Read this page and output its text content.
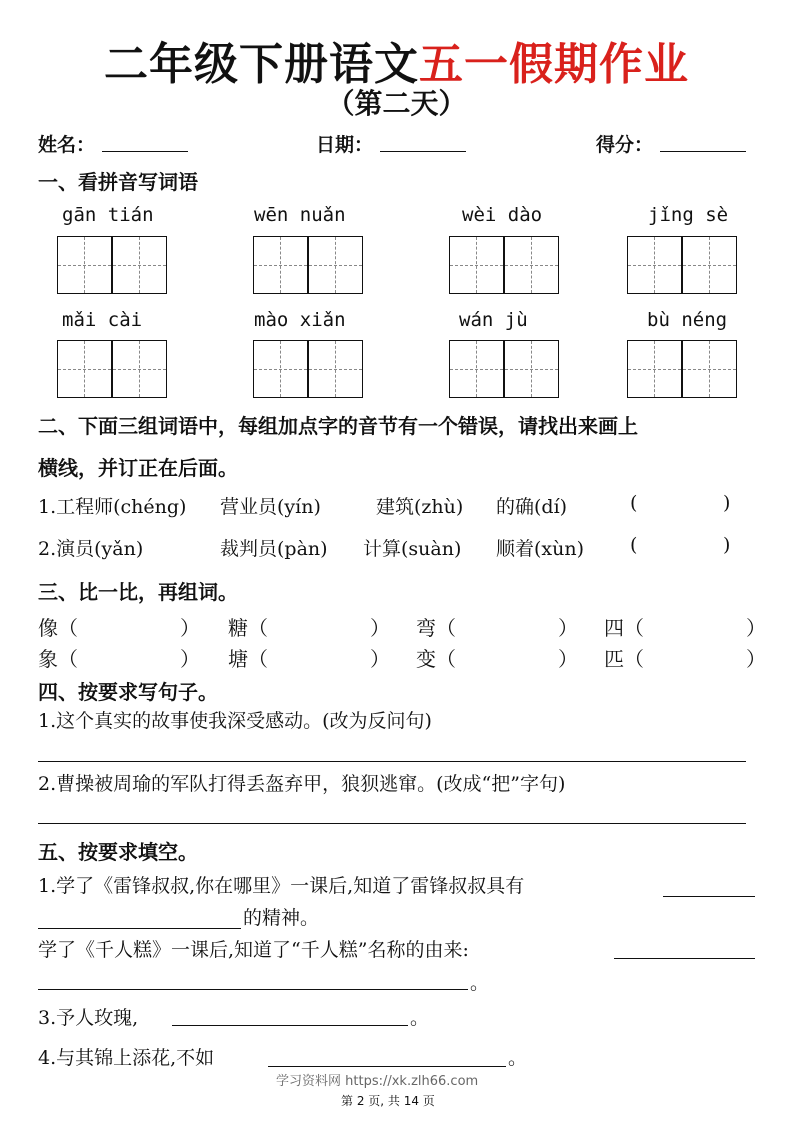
二年级下册语文五一假期作业
（第二天）
姓名：	日期：	得分：
一、看拼音写词语
gān tián	wēn nuǎn	wèi dào	jǐng sè
mǎi cài	mào xiǎn	wán jù	bù néng
二、下面三组词语中，每组加点字的音节有一个错误，请找出来画上
横线，并订正在后面。
1.工程师(chéng) 营业员(yín)	建筑(zhù) 的确(dí)	(	)
2.演员(yǎn)	裁判员(pàn) 计算(suàn) 顺着(xùn) (	)
三、比一比，再组词。
像（	） 糖（	） 弯（	） 四（	）
象（	） 塘（	） 变（	） 匹（	）
四、按要求写句子。
1.这个真实的故事使我深受感动。(改为反问句)
2.曹操被周瑜的军队打得丢盔弃甲，狼狈逃窜。(改成“把”字句)
五、按要求填空。
1.学了《雷锋叔叔,你在哪里》一课后,知道了雷锋叔叔具有
的精神。
学了《千人糕》一课后,知道了“千人糕”名称的由来:
。
3.予人玫瑰,	。
4.与其锦上添花,不如	。
学习资料网 https://xk.zlh66.com
第 2 页, 共 14 页
